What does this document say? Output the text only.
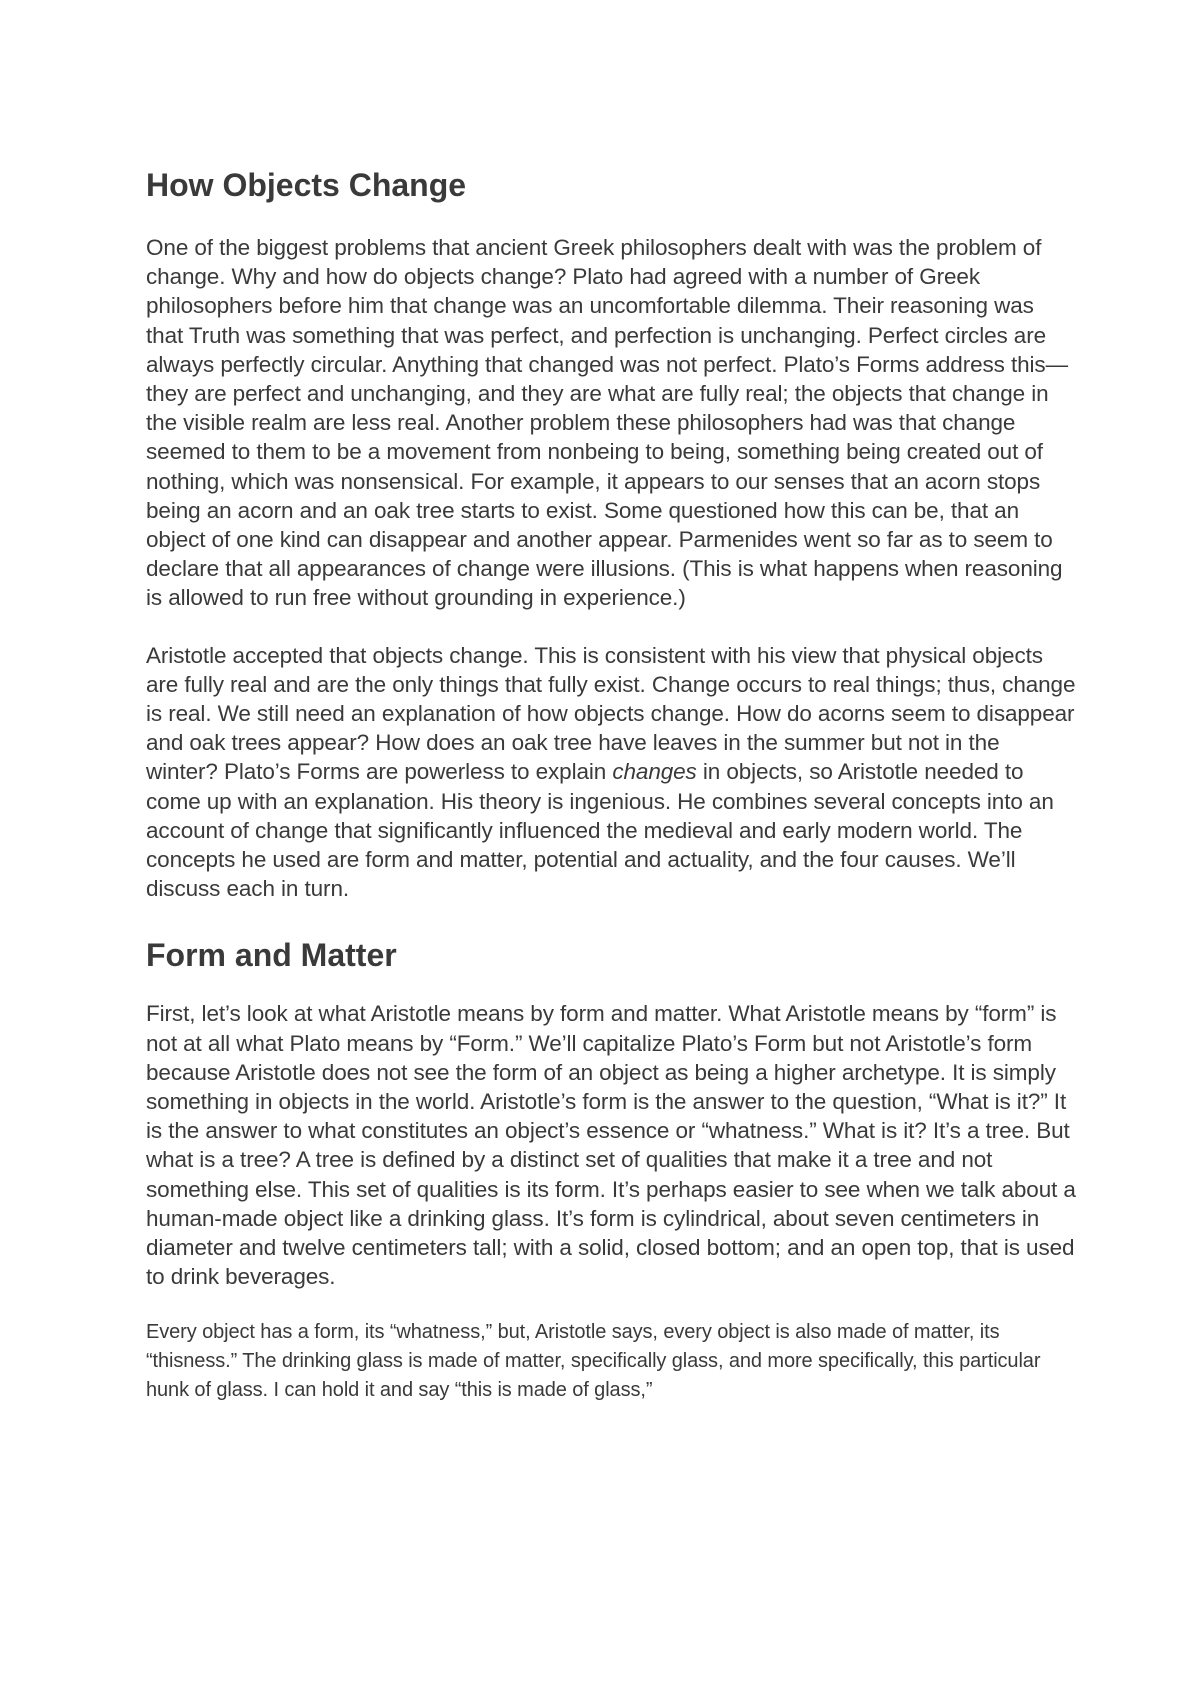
How Objects Change

One of the biggest problems that ancient Greek philosophers dealt with was the problem of change. Why and how do objects change? Plato had agreed with a number of Greek philosophers before him that change was an uncomfortable dilemma. Their reasoning was that Truth was something that was perfect, and perfection is unchanging. Perfect circles are always perfectly circular. Anything that changed was not perfect. Plato’s Forms address this—they are perfect and unchanging, and they are what are fully real; the objects that change in the visible realm are less real. Another problem these philosophers had was that change seemed to them to be a movement from nonbeing to being, something being created out of nothing, which was nonsensical. For example, it appears to our senses that an acorn stops being an acorn and an oak tree starts to exist. Some questioned how this can be, that an object of one kind can disappear and another appear. Parmenides went so far as to seem to declare that all appearances of change were illusions. (This is what happens when reasoning is allowed to run free without grounding in experience.)

Aristotle accepted that objects change. This is consistent with his view that physical objects are fully real and are the only things that fully exist. Change occurs to real things; thus, change is real. We still need an explanation of how objects change. How do acorns seem to disappear and oak trees appear? How does an oak tree have leaves in the summer but not in the winter? Plato’s Forms are powerless to explain changes in objects, so Aristotle needed to come up with an explanation. His theory is ingenious. He combines several concepts into an account of change that significantly influenced the medieval and early modern world. The concepts he used are form and matter, potential and actuality, and the four causes. We’ll discuss each in turn.

Form and Matter

First, let’s look at what Aristotle means by form and matter. What Aristotle means by “form” is not at all what Plato means by “Form.” We’ll capitalize Plato’s Form but not Aristotle’s form because Aristotle does not see the form of an object as being a higher archetype. It is simply something in objects in the world. Aristotle’s form is the answer to the question, “What is it?” It is the answer to what constitutes an object’s essence or “whatness.” What is it? It’s a tree. But what is a tree? A tree is defined by a distinct set of qualities that make it a tree and not something else. This set of qualities is its form. It’s perhaps easier to see when we talk about a human-made object like a drinking glass. It’s form is cylindrical, about seven centimeters in diameter and twelve centimeters tall; with a solid, closed bottom; and an open top, that is used to drink beverages.

Every object has a form, its “whatness,” but, Aristotle says, every object is also made of matter, its “thisness.” The drinking glass is made of matter, specifically glass, and more specifically, this particular hunk of glass. I can hold it and say “this is made of glass,”
